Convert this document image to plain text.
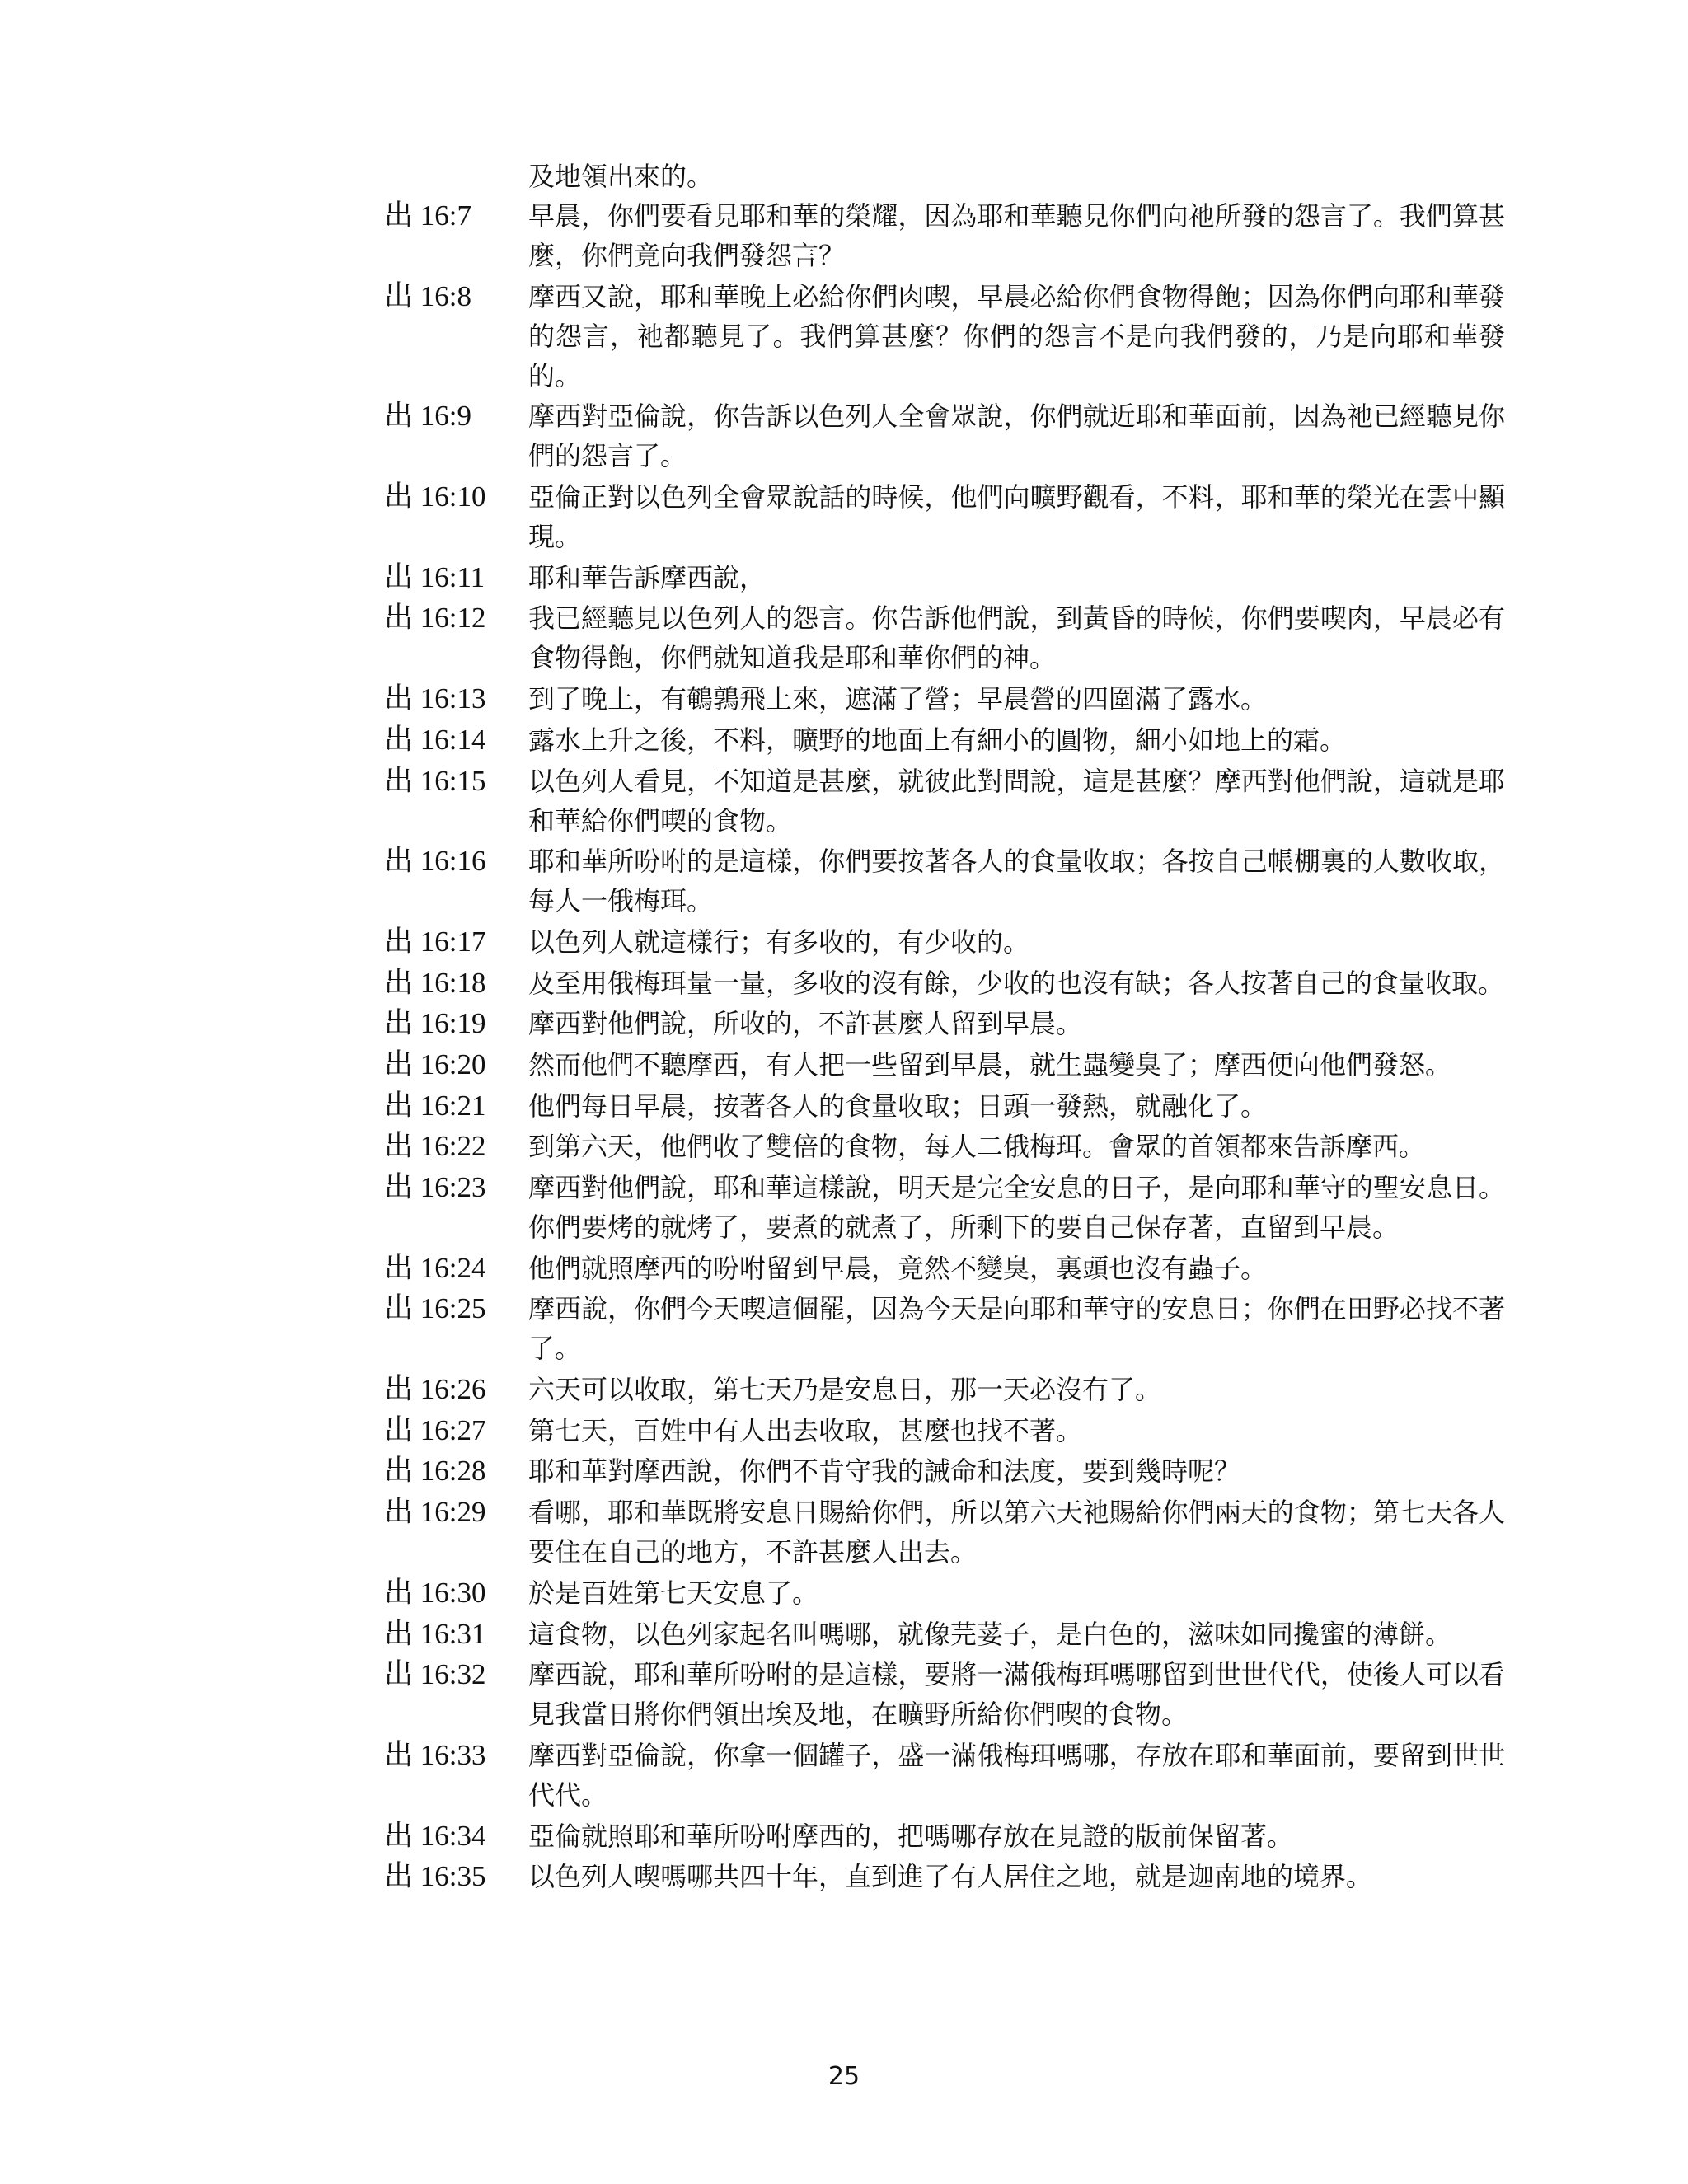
及地領出來的。
出 16:7	早晨，你們要看見耶和華的榮耀，因為耶和華聽見你們向祂所發的怨言了。我們算甚麼，你們竟向我們發怨言？
出 16:8	摩西又說，耶和華晚上必給你們肉喫，早晨必給你們食物得飽；因為你們向耶和華發的怨言，祂都聽見了。我們算甚麼？你們的怨言不是向我們發的，乃是向耶和華發的。
出 16:9	摩西對亞倫說，你告訴以色列人全會眾說，你們就近耶和華面前，因為祂已經聽見你們的怨言了。
出 16:10	亞倫正對以色列全會眾說話的時候，他們向曠野觀看，不料，耶和華的榮光在雲中顯現。
出 16:11	耶和華告訴摩西說，
出 16:12	我已經聽見以色列人的怨言。你告訴他們說，到黃昏的時候，你們要喫肉，早晨必有食物得飽，你們就知道我是耶和華你們的神。
出 16:13	到了晚上，有鵪鶉飛上來，遮滿了營；早晨營的四圍滿了露水。
出 16:14	露水上升之後，不料，曠野的地面上有細小的圓物，細小如地上的霜。
出 16:15	以色列人看見，不知道是甚麼，就彼此對問說，這是甚麼？摩西對他們說，這就是耶和華給你們喫的食物。
出 16:16	耶和華所吩咐的是這樣，你們要按著各人的食量收取；各按自己帳棚裏的人數收取，每人一俄梅珥。
出 16:17	以色列人就這樣行；有多收的，有少收的。
出 16:18	及至用俄梅珥量一量，多收的沒有餘，少收的也沒有缺；各人按著自己的食量收取。
出 16:19	摩西對他們說，所收的，不許甚麼人留到早晨。
出 16:20	然而他們不聽摩西，有人把一些留到早晨，就生蟲變臭了；摩西便向他們發怒。
出 16:21	他們每日早晨，按著各人的食量收取；日頭一發熱，就融化了。
出 16:22	到第六天，他們收了雙倍的食物，每人二俄梅珥。會眾的首領都來告訴摩西。
出 16:23	摩西對他們說，耶和華這樣說，明天是完全安息的日子，是向耶和華守的聖安息日。你們要烤的就烤了，要煮的就煮了，所剩下的要自己保存著，直留到早晨。
出 16:24	他們就照摩西的吩咐留到早晨，竟然不變臭，裏頭也沒有蟲子。
出 16:25	摩西說，你們今天喫這個罷，因為今天是向耶和華守的安息日；你們在田野必找不著了。
出 16:26	六天可以收取，第七天乃是安息日，那一天必沒有了。
出 16:27	第七天，百姓中有人出去收取，甚麼也找不著。
出 16:28	耶和華對摩西說，你們不肯守我的誡命和法度，要到幾時呢？
出 16:29	看哪，耶和華既將安息日賜給你們，所以第六天祂賜給你們兩天的食物；第七天各人要住在自己的地方，不許甚麼人出去。
出 16:30	於是百姓第七天安息了。
出 16:31	這食物，以色列家起名叫嗎哪，就像芫荽子，是白色的，滋味如同攙蜜的薄餅。
出 16:32	摩西說，耶和華所吩咐的是這樣，要將一滿俄梅珥嗎哪留到世世代代，使後人可以看見我當日將你們領出埃及地，在曠野所給你們喫的食物。
出 16:33	摩西對亞倫說，你拿一個罐子，盛一滿俄梅珥嗎哪，存放在耶和華面前，要留到世世代代。
出 16:34	亞倫就照耶和華所吩咐摩西的，把嗎哪存放在見證的版前保留著。
出 16:35	以色列人喫嗎哪共四十年，直到進了有人居住之地，就是迦南地的境界。
25
